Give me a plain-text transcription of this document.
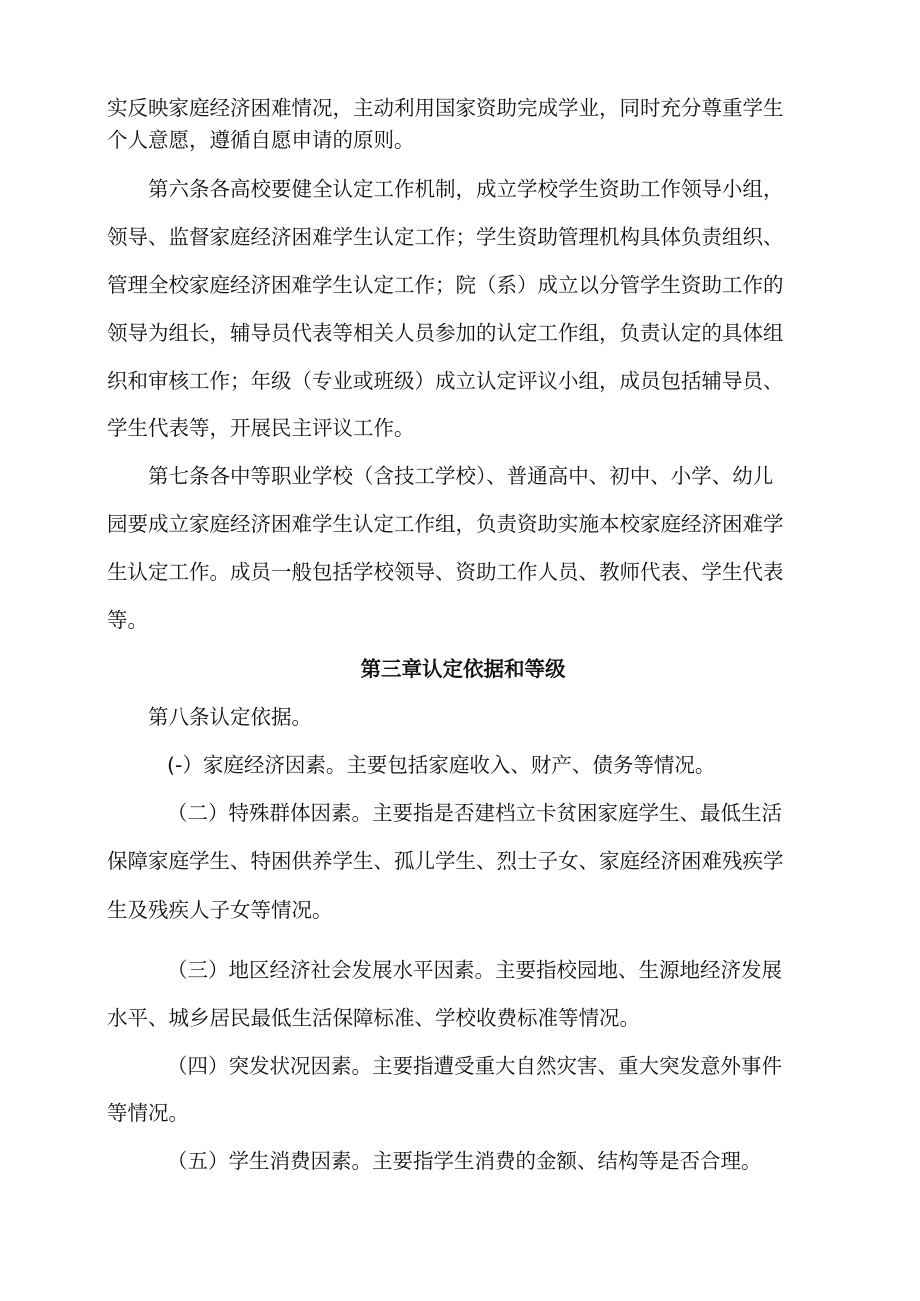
实反映家庭经济困难情况，主动利用国家资助完成学业，同时充分尊重学生
个人意愿，遵循自愿申请的原则。
第六条各高校要健全认定工作机制，成立学校学生资助工作领导小组，
领导、监督家庭经济困难学生认定工作；学生资助管理机构具体负责组织、
管理全校家庭经济困难学生认定工作；院（系）成立以分管学生资助工作的
领导为组长，辅导员代表等相关人员参加的认定工作组，负责认定的具体组
织和审核工作；年级（专业或班级）成立认定评议小组，成员包括辅导员、
学生代表等，开展民主评议工作。
第七条各中等职业学校（含技工学校）、普通高中、初中、小学、幼儿
园要成立家庭经济困难学生认定工作组，负责资助实施本校家庭经济困难学
生认定工作。成员一般包括学校领导、资助工作人员、教师代表、学生代表
等。
第三章认定依据和等级
第八条认定依据。
(-）家庭经济因素。主要包括家庭收入、财产、债务等情况。
（二）特殊群体因素。主要指是否建档立卡贫困家庭学生、最低生活
保障家庭学生、特困供养学生、孤儿学生、烈士子女、家庭经济困难残疾学
生及残疾人子女等情况。
（三）地区经济社会发展水平因素。主要指校园地、生源地经济发展
水平、城乡居民最低生活保障标准、学校收费标准等情况。
（四）突发状况因素。主要指遭受重大自然灾害、重大突发意外事件
等情况。
（五）学生消费因素。主要指学生消费的金额、结构等是否合理。
